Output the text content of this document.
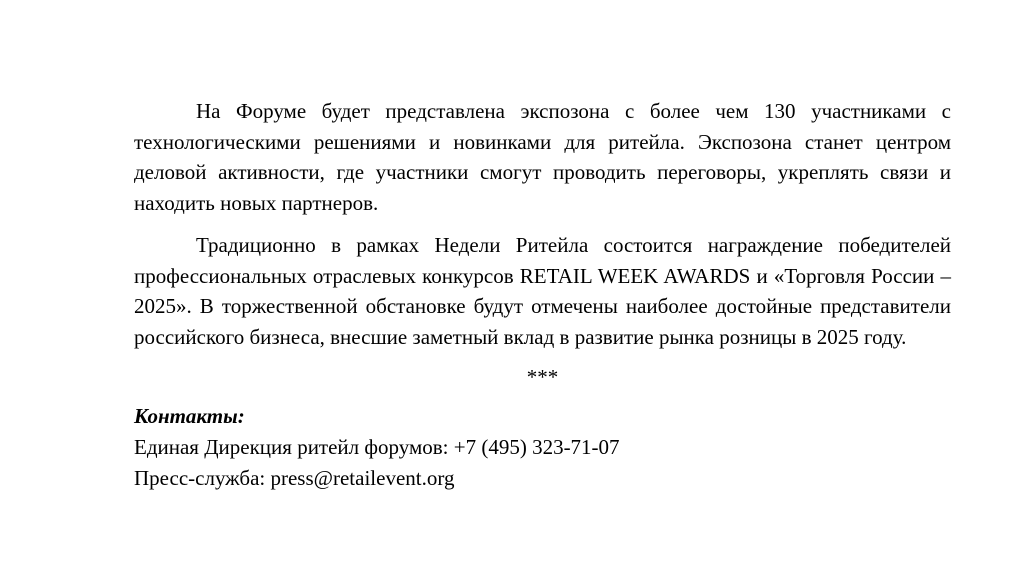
На Форуме будет представлена экспозона с более чем 130 участниками с технологическими решениями и новинками для ритейла. Экспозона станет центром деловой активности, где участники смогут проводить переговоры, укреплять связи и находить новых партнеров.

Традиционно в рамках Недели Ритейла состоится награждение победителей профессиональных отраслевых конкурсов RETAIL WEEK AWARDS и «Торговля России – 2025». В торжественной обстановке будут отмечены наиболее достойные представители российского бизнеса, внесшие заметный вклад в развитие рынка розницы в 2025 году.

***
Контакты:
Единая Дирекция ритейл форумов: +7 (495) 323-71-07
Пресс-служба: press@retailevent.org
